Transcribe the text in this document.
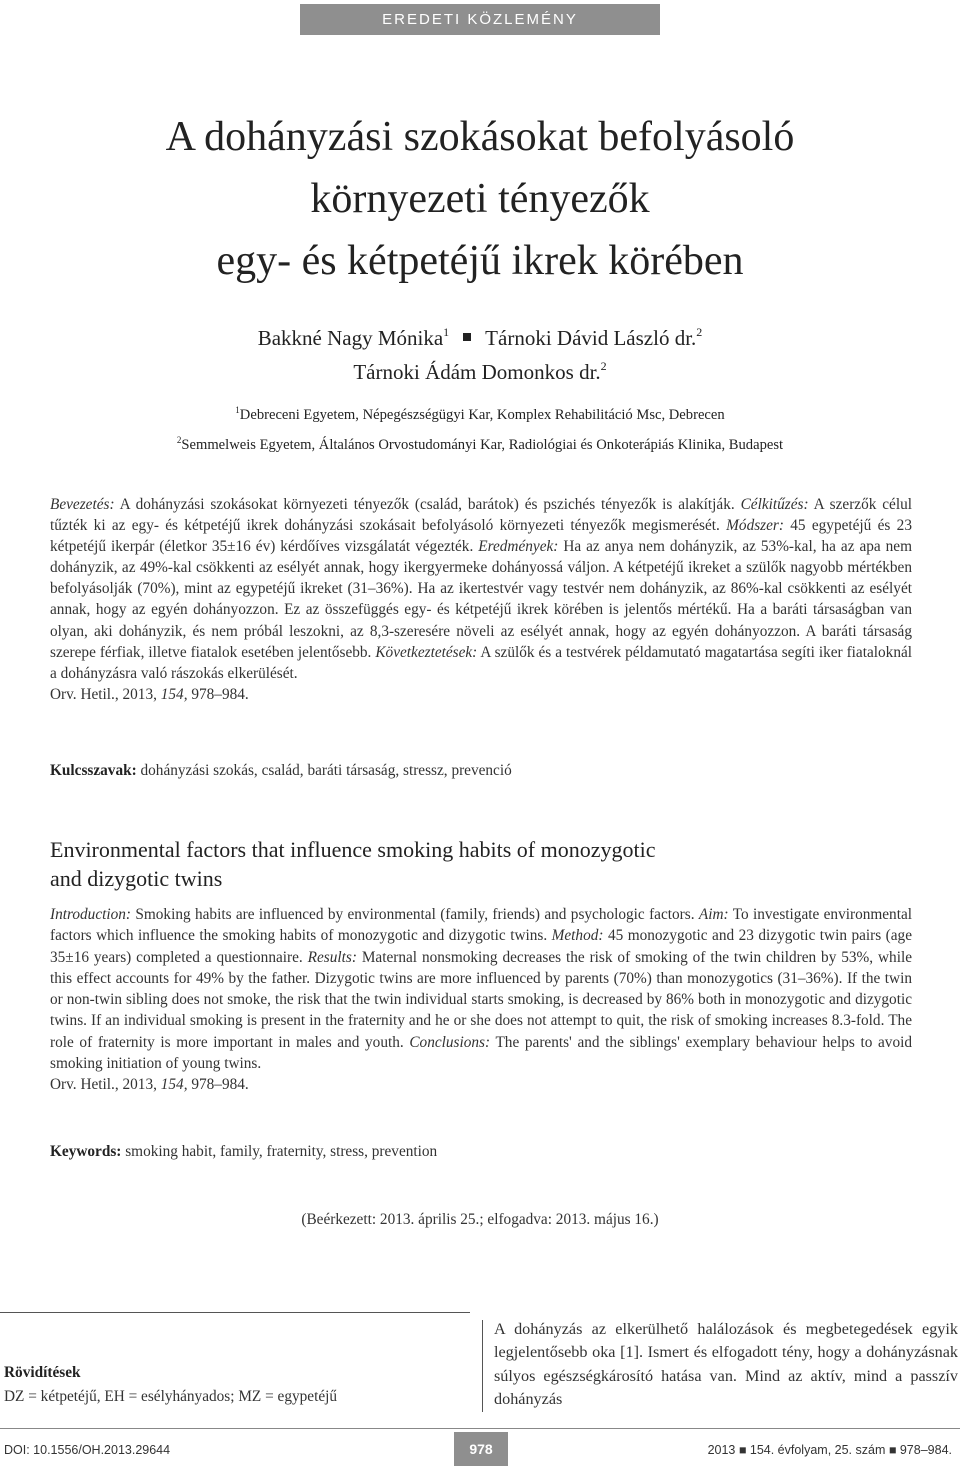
EREDETI KÖZLEMÉNY
A dohányzási szokásokat befolyásoló
környezeti tényezők
egy- és kétpetéjű ikrek körében
Bakkné Nagy Mónika$^1$ Tárnoki Dávid László dr.$^2$
Tárnoki Ádám Domonkos dr.$^2$
$^1$Debreceni Egyetem, Népegészségügyi Kar, Komplex Rehabilitáció Msc, Debrecen
$^2$Semmelweis Egyetem, Általános Orvostudományi Kar, Radiológiai és Onkoterápiás Klinika, Budapest
Bevezetés: A dohányzási szokásokat környezeti tényezők (család, barátok) és pszichés tényezők is alakítják. Célkitűzés: A szerzők célul tűzték ki az egy- és kétpetéjű ikrek dohányzási szokásait befolyásoló környezeti tényezők megismerését. Módszer: 45 egypetéjű és 23 kétpetéjű ikerpár (életkor 35±16 év) kérdőíves vizsgálatát végezték. Eredmények: Ha az anya nem dohányzik, az 53%-kal, ha az apa nem dohányzik, az 49%-kal csökkenti az esélyét annak, hogy ikergyermeke dohányossá váljon. A kétpetéjű ikreket a szülők nagyobb mértékben befolyásolják (70%), mint az egypetéjű ikreket (31–36%). Ha az ikertestvér vagy testvér nem dohányzik, az 86%-kal csökkenti az esélyét annak, hogy az egyén dohányozzon. Ez az összefüggés egy- és kétpetéjű ikrek körében is jelentős mértékű. Ha a baráti társaságban van olyan, aki dohányzik, és nem próbál leszokni, az 8,3-szeresére növeli az esélyét annak, hogy az egyén dohányozzon. A baráti társaság szerepe férfiak, illetve fiatalok esetében jelentősebb. Következtetések: A szülők és a testvérek példamutató magatartása segíti iker fiataloknál a dohányzásra való rászokás elkerülését.
Orv. Hetil., 2013, 154, 978–984.
Kulcsszavak: dohányzási szokás, család, baráti társaság, stressz, prevenció
Environmental factors that influence smoking habits of monozygotic
and dizygotic twins
Introduction: Smoking habits are influenced by environmental (family, friends) and psychologic factors. Aim: To investigate environmental factors which influence the smoking habits of monozygotic and dizygotic twins. Method: 45 monozygotic and 23 dizygotic twin pairs (age 35±16 years) completed a questionnaire. Results: Maternal nonsmoking decreases the risk of smoking of the twin children by 53%, while this effect accounts for 49% by the father. Dizygotic twins are more influenced by parents (70%) than monozygotics (31–36%). If the twin or non-twin sibling does not smoke, the risk that the twin individual starts smoking, is decreased by 86% both in monozygotic and dizygotic twins. If an individual smoking is present in the fraternity and he or she does not attempt to quit, the risk of smoking increases 8.3-fold. The role of fraternity is more important in males and youth. Conclusions: The parents' and the siblings' exemplary behaviour helps to avoid smoking initiation of young twins.
Orv. Hetil., 2013, 154, 978–984.
Keywords: smoking habit, family, fraternity, stress, prevention
(Beérkezett: 2013. április 25.; elfogadva: 2013. május 16.)
Rövidítések
DZ = kétpetéjű, EH = esélyhányados; MZ = egypetéjű
A dohányzás az elkerülhető halálozások és megbetegedések egyik legjelentősebb oka [1]. Ismert és elfogadott tény, hogy a dohányzásnak súlyos egészségkárosító hatása van. Mind az aktív, mind a passzív dohányzás
DOI: 10.1556/OH.2013.29644	978	2013 ■ 154. évfolyam, 25. szám ■ 978–984.
